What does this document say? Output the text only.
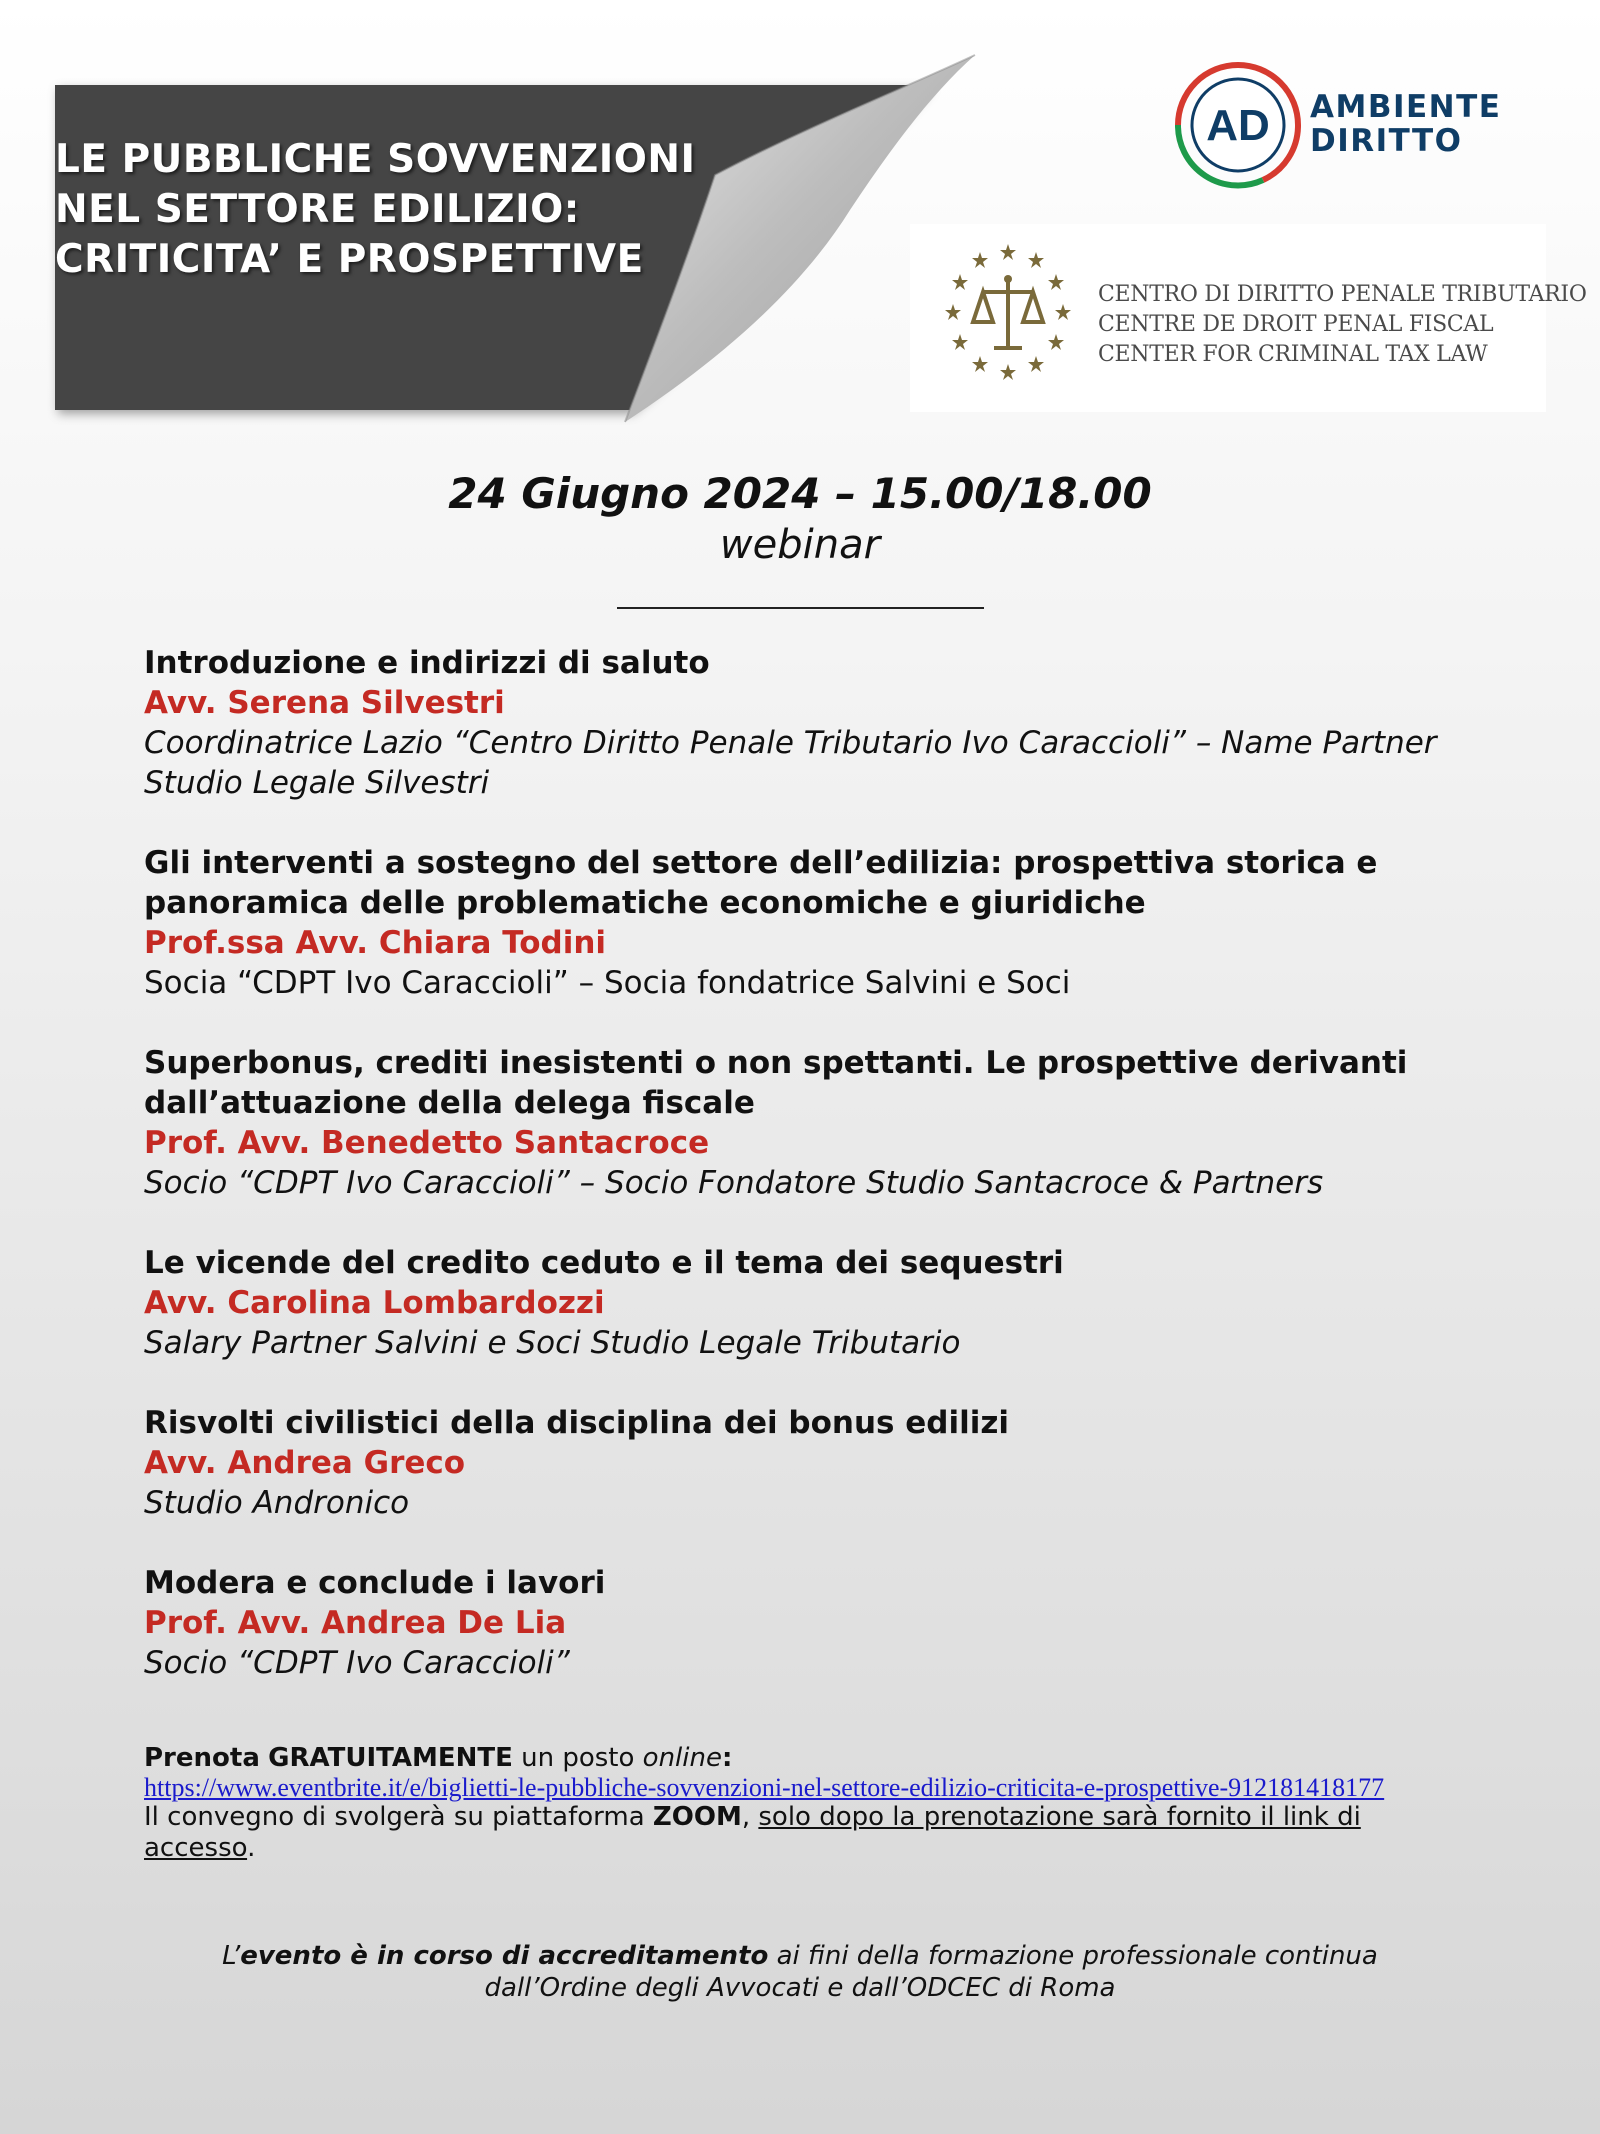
LE PUBBLICHE SOVVENZIONI
NEL SETTORE EDILIZIO:
CRITICITA’ E PROSPETTIVE
AD AMBIENTE
DIRITTO
CENTRO DI DIRITTO PENALE TRIBUTARIO
CENTRE DE DROIT PENAL FISCAL
CENTER FOR CRIMINAL TAX LAW
24 Giugno 2024 – 15.00/18.00
webinar
Introduzione e indirizzi di saluto
Avv. Serena Silvestri
Coordinatrice Lazio “Centro Diritto Penale Tributario Ivo Caraccioli” – Name Partner Studio Legale Silvestri
Gli interventi a sostegno del settore dell’edilizia: prospettiva storica e panoramica delle problematiche economiche e giuridiche
Prof.ssa Avv. Chiara Todini
Socia “CDPT Ivo Caraccioli” – Socia fondatrice Salvini e Soci
Superbonus, crediti inesistenti o non spettanti. Le prospettive derivanti dall’attuazione della delega fiscale
Prof. Avv. Benedetto Santacroce
Socio “CDPT Ivo Caraccioli” – Socio Fondatore Studio Santacroce & Partners
Le vicende del credito ceduto e il tema dei sequestri
Avv. Carolina Lombardozzi
Salary Partner Salvini e Soci Studio Legale Tributario
Risvolti civilistici della disciplina dei bonus edilizi
Avv. Andrea Greco
Studio Andronico
Modera e conclude i lavori
Prof. Avv. Andrea De Lia
Socio “CDPT Ivo Caraccioli”
Prenota GRATUITAMENTE un posto online:
https://www.eventbrite.it/e/biglietti-le-pubbliche-sovvenzioni-nel-settore-edilizio-criticita-e-prospettive-912181418177
Il convegno di svolgerà su piattaforma ZOOM, solo dopo la prenotazione sarà fornito il link di accesso.
L’evento è in corso di accreditamento ai fini della formazione professionale continua
dall’Ordine degli Avvocati e dall’ODCEC di Roma
